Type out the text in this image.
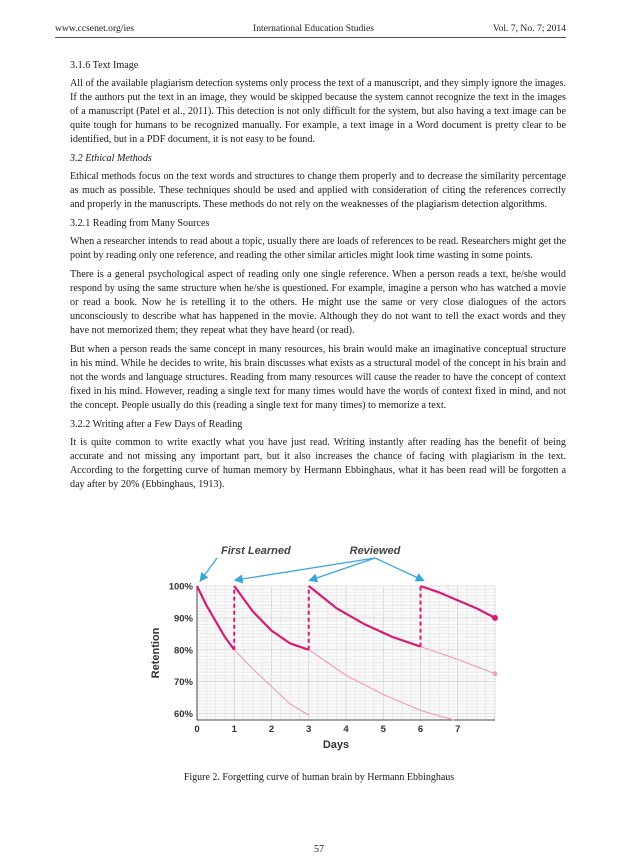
www.ccsenet.org/ies	International Education Studies	Vol. 7, No. 7; 2014
3.1.6 Text Image

All of the available plagiarism detection systems only process the text of a manuscript, and they simply ignore the images. If the authors put the text in an image, they would be skipped because the system cannot recognize the text in the images of a manuscript (Patel et al., 2011). This detection is not only difficult for the system, but also having a text image can be quite tough for humans to be recognized manually. For example, a text image in a Word document is pretty clear to be identified, but in a PDF document, it is not easy to be found.

3.2 Ethical Methods

Ethical methods focus on the text words and structures to change them properly and to decrease the similarity percentage as much as possible. These techniques should be used and applied with consideration of citing the references correctly and properly in the manuscripts. These methods do not rely on the weaknesses of the plagiarism detection algorithms.

3.2.1 Reading from Many Sources

When a researcher intends to read about a topic, usually there are loads of references to be read. Researchers might get the point by reading only one reference, and reading the other similar articles might look time wasting in some points.

There is a general psychological aspect of reading only one single reference. When a person reads a text, he/she would respond by using the same structure when he/she is questioned. For example, imagine a person who has watched a movie or read a book. Now he is retelling it to the others. He might use the same or very close dialogues of the actors unconsciously to describe what has happened in the movie. Although they do not want to tell the exact words and they have not memorized them; they repeat what they have heard (or read).

But when a person reads the same concept in many resources, his brain would make an imaginative conceptual structure in his mind. While he decides to write, his brain discusses what exists as a structural model of the concept in his brain and not the words and language structures. Reading from many resources will cause the reader to have the concept of context fixed in his mind. However, reading a single text for many times would have the words of context fixed in mind, and not the concept. People usually do this (reading a single text for many times) to memorize a text.

3.2.2 Writing after a Few Days of Reading

It is quite common to write exactly what you have just read. Writing instantly after reading has the benefit of being accurate and not missing any important part, but it also increases the chance of facing with plagiarism in the text. According to the forgetting curve of human memory by Hermann Ebbinghaus, what it has been read will be forgotten a day after by 20% (Ebbinghaus, 1913).

0	1	2	3	4	5	6	7
60%
70%
80%
90%
100%
Days
Retention
First Learned	Reviewed
Figure 2. Forgetting curve of human brain by Hermann Ebbinghaus
57
